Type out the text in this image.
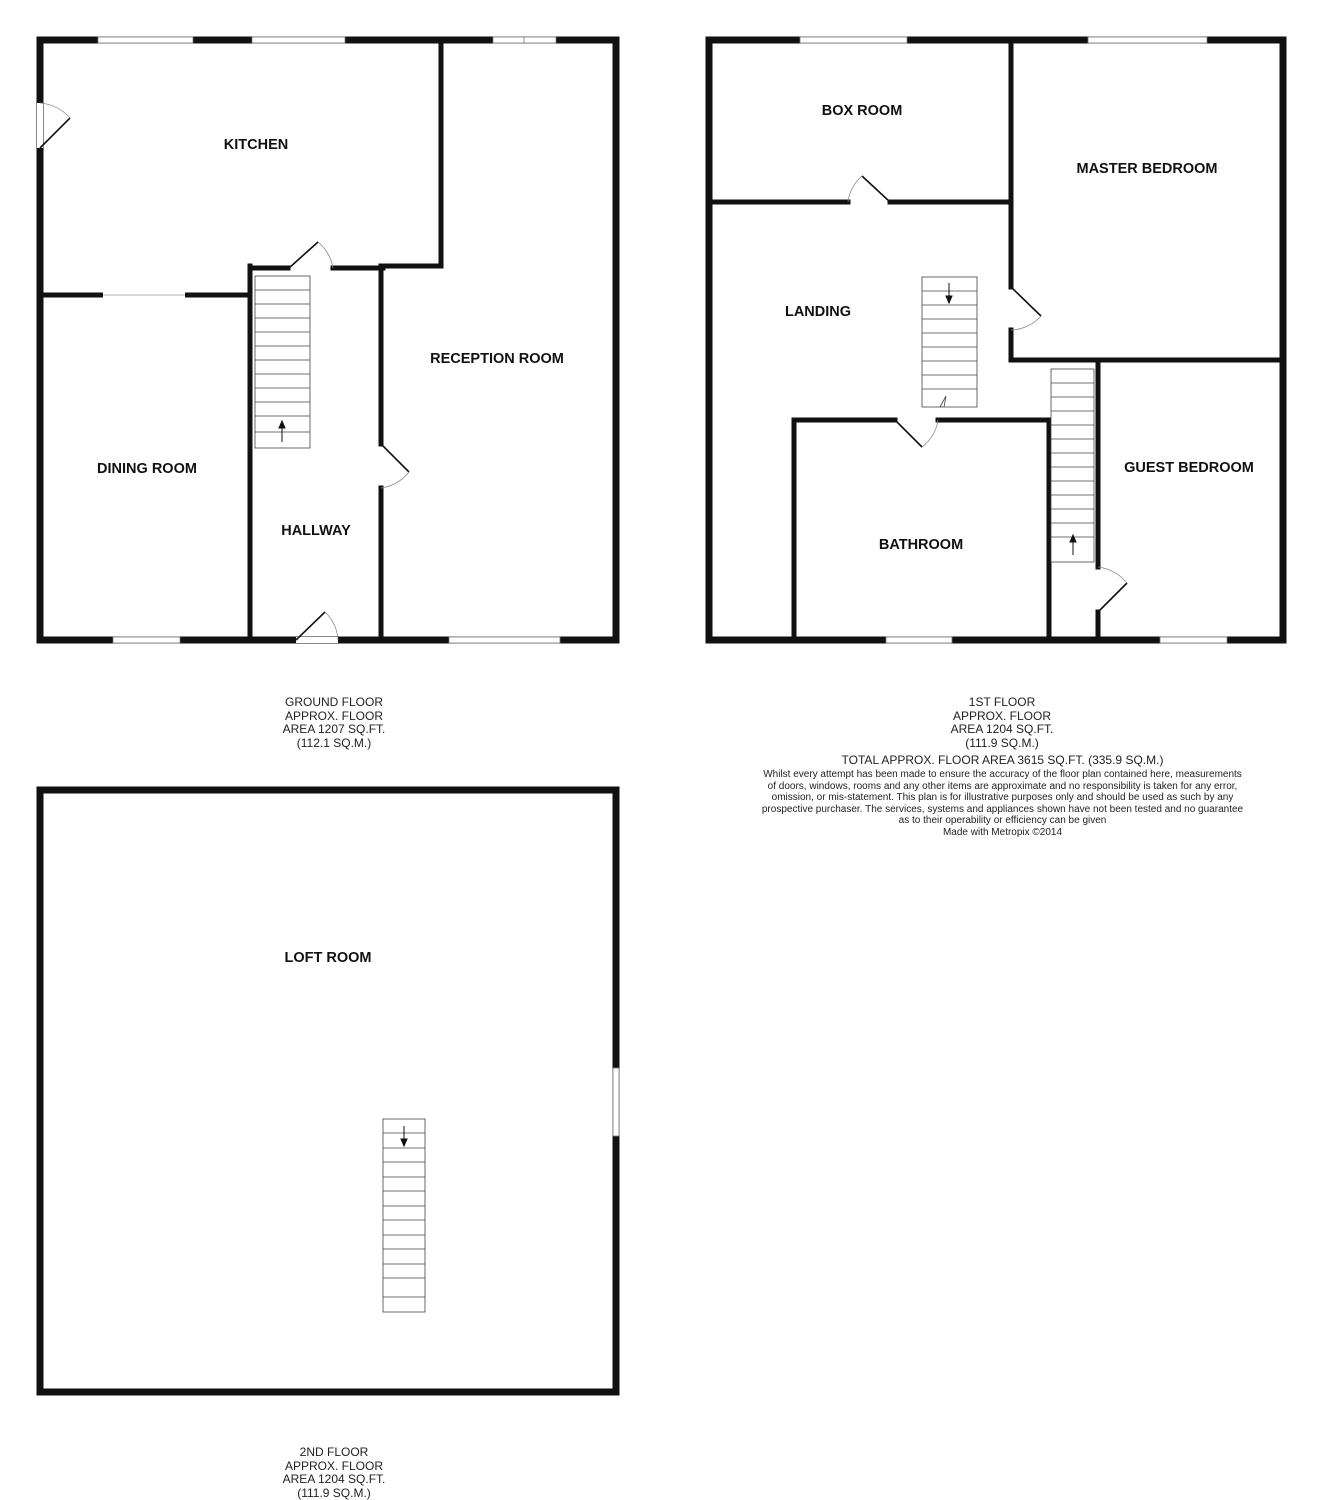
KITCHEN
DINING ROOM
HALLWAY
RECEPTION ROOM
BOX ROOM
MASTER BEDROOM
LANDING
GUEST BEDROOM
BATHROOM
LOFT ROOM
GROUND FLOOR
APPROX. FLOOR
AREA 1207 SQ.FT.
(112.1 SQ.M.)
1ST FLOOR
APPROX. FLOOR
AREA 1204 SQ.FT.
(111.9 SQ.M.)
TOTAL APPROX. FLOOR AREA 3615 SQ.FT. (335.9 SQ.M.)
Whilst every attempt has been made to ensure the accuracy of the floor plan contained here, measurements
of doors, windows, rooms and any other items are approximate and no responsibility is taken for any error,
omission, or mis-statement. This plan is for illustrative purposes only and should be used as such by any
prospective purchaser. The services, systems and appliances shown have not been tested and no guarantee
as to their operability or efficiency can be given
Made with Metropix ©2014
2ND FLOOR
APPROX. FLOOR
AREA 1204 SQ.FT.
(111.9 SQ.M.)
